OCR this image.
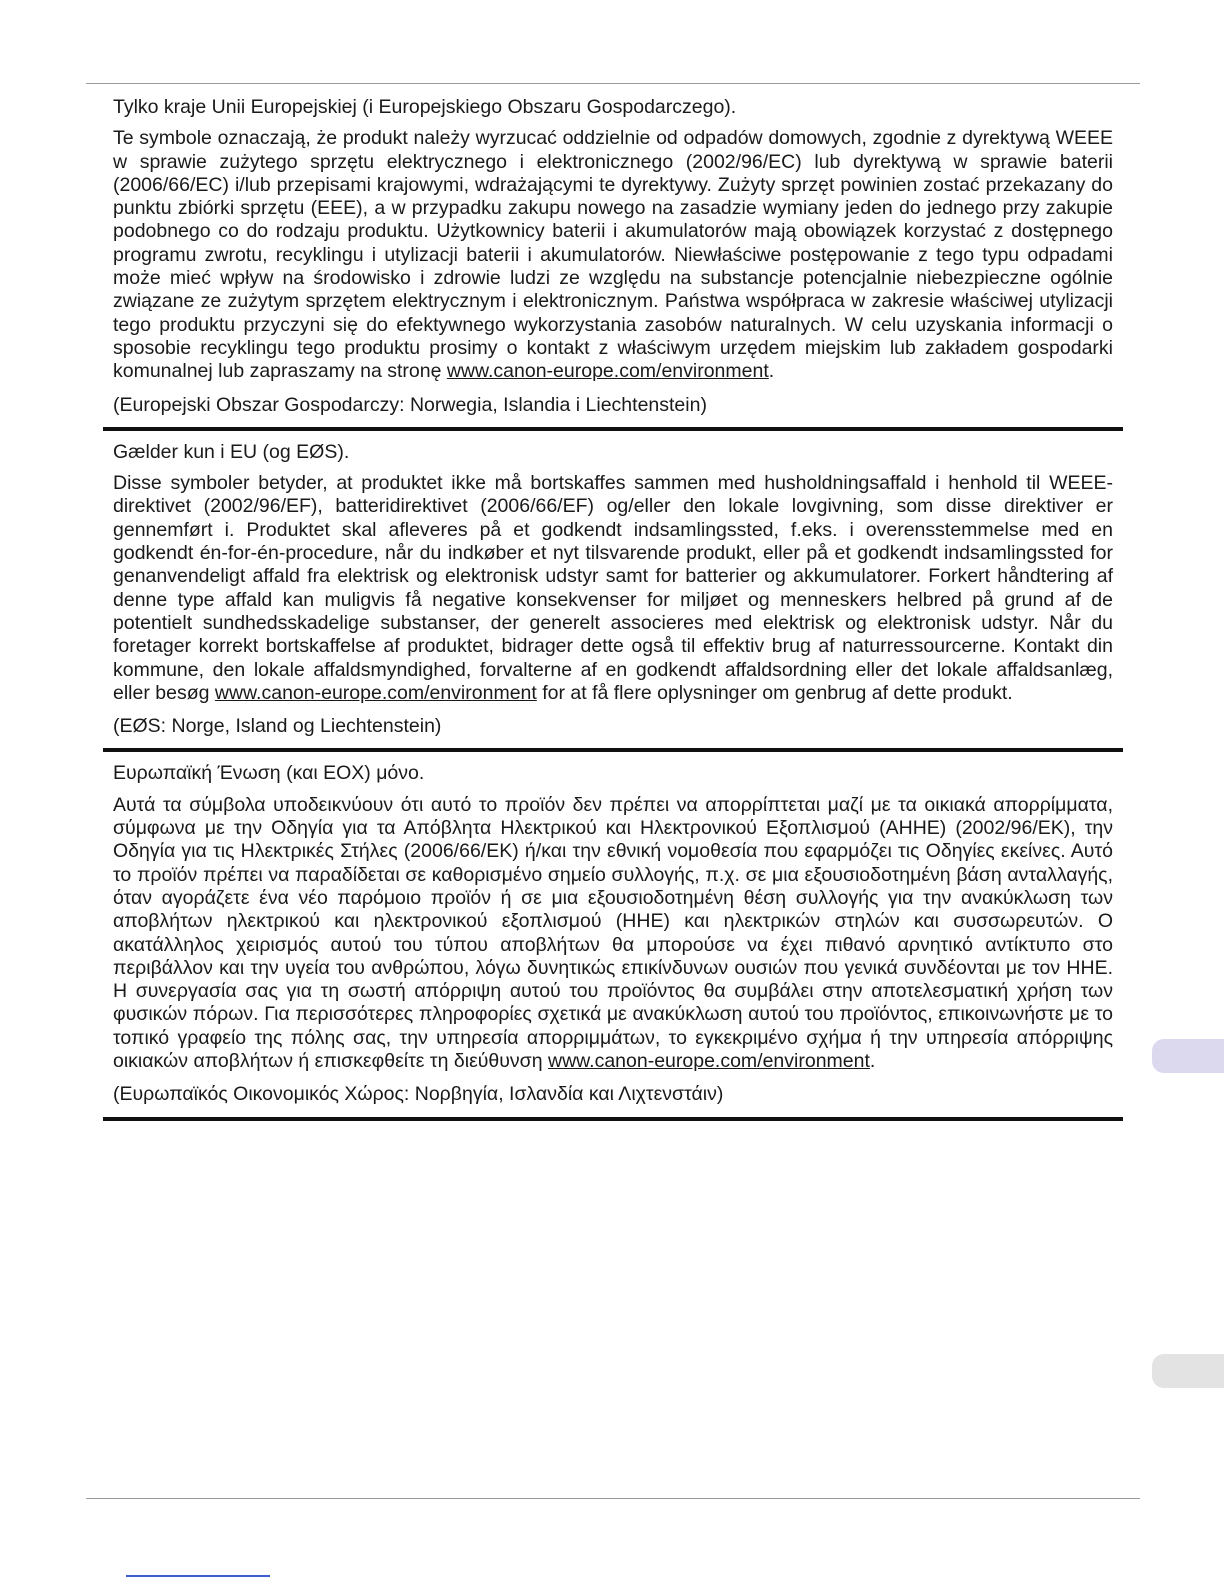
Tylko kraje Unii Europejskiej (i Europejskiego Obszaru Gospodarczego).

Te symbole oznaczają, że produkt należy wyrzucać oddzielnie od odpadów domowych, zgodnie z dyrektywą WEEE w sprawie zużytego sprzętu elektrycznego i elektronicznego (2002/96/EC) lub dyrektywą w sprawie baterii (2006/66/EC) i/lub przepisami krajowymi, wdrażającymi te dyrektywy. Zużyty sprzęt powinien zostać przekazany do punktu zbiórki sprzętu (EEE), a w przypadku zakupu nowego na zasadzie wymiany jeden do jednego przy zakupie podobnego co do rodzaju produktu. Użytkownicy baterii i akumulatorów mają obowiązek korzystać z dostępnego programu zwrotu, recyklingu i utylizacji baterii i akumulatorów. Niewłaściwe postępowanie z tego typu odpadami może mieć wpływ na środowisko i zdrowie ludzi ze względu na substancje potencjalnie niebezpieczne ogólnie związane ze zużytym sprzętem elektrycznym i elektronicznym. Państwa współpraca w zakresie właściwej utylizacji tego produktu przyczyni się do efektywnego wykorzystania zasobów naturalnych. W celu uzyskania informacji o sposobie recyklingu tego produktu prosimy o kontakt z właściwym urzędem miejskim lub zakładem gospodarki komunalnej lub zapraszamy na stronę www.canon-europe.com/environment.

(Europejski Obszar Gospodarczy: Norwegia, Islandia i Liechtenstein)

Gælder kun i EU (og EØS).

Disse symboler betyder, at produktet ikke må bortskaffes sammen med husholdningsaffald i henhold til WEEE-direktivet (2002/96/EF), batteridirektivet (2006/66/EF) og/eller den lokale lovgivning, som disse direktiver er gennemført i. Produktet skal afleveres på et godkendt indsamlingssted, f.eks. i overensstemmelse med en godkendt én-for-én-procedure, når du indkøber et nyt tilsvarende produkt, eller på et godkendt indsamlingssted for genanvendeligt affald fra elektrisk og elektronisk udstyr samt for batterier og akkumulatorer. Forkert håndtering af denne type affald kan muligvis få negative konsekvenser for miljøet og menneskers helbred på grund af de potentielt sundhedsskadelige substanser, der generelt associeres med elektrisk og elektronisk udstyr. Når du foretager korrekt bortskaffelse af produktet, bidrager dette også til effektiv brug af naturressourcerne. Kontakt din kommune, den lokale affaldsmyndighed, forvalterne af en godkendt affaldsordning eller det lokale affaldsanlæg, eller besøg www.canon-europe.com/environment for at få flere oplysninger om genbrug af dette produkt.

(EØS: Norge, Island og Liechtenstein)

Ευρωπαϊκή Ένωση (και ΕΟΧ) μόνο.

Αυτά τα σύμβολα υποδεικνύουν ότι αυτό το προϊόν δεν πρέπει να απορρίπτεται μαζί με τα οικιακά απορρίμματα, σύμφωνα με την Οδηγία για τα Απόβλητα Ηλεκτρικού και Ηλεκτρονικού Εξοπλισμού (ΑΗΗΕ) (2002/96/ΕΚ), την Οδηγία για τις Ηλεκτρικές Στήλες (2006/66/ΕΚ) ή/και την εθνική νομοθεσία που εφαρμόζει τις Οδηγίες εκείνες. Αυτό το προϊόν πρέπει να παραδίδεται σε καθορισμένο σημείο συλλογής, π.χ. σε μια εξουσιοδοτημένη βάση ανταλλαγής, όταν αγοράζετε ένα νέο παρόμοιο προϊόν ή σε μια εξουσιοδοτημένη θέση συλλογής για την ανακύκλωση των αποβλήτων ηλεκτρικού και ηλεκτρονικού εξοπλισμού (ΗΗΕ) και ηλεκτρικών στηλών και συσσωρευτών. Ο ακατάλληλος χειρισμός αυτού του τύπου αποβλήτων θα μπορούσε να έχει πιθανό αρνητικό αντίκτυπο στο περιβάλλον και την υγεία του ανθρώπου, λόγω δυνητικώς επικίνδυνων ουσιών που γενικά συνδέονται με τον ΗΗΕ. Η συνεργασία σας για τη σωστή απόρριψη αυτού του προϊόντος θα συμβάλει στην αποτελεσματική χρήση των φυσικών πόρων. Για περισσότερες πληροφορίες σχετικά με ανακύκλωση αυτού του προϊόντος, επικοινωνήστε με το τοπικό γραφείο της πόλης σας, την υπηρεσία απορριμμάτων, το εγκεκριμένο σχήμα ή την υπηρεσία απόρριψης οικιακών αποβλήτων ή επισκεφθείτε τη διεύθυνση www.canon-europe.com/environment.

(Ευρωπαϊκός Οικονομικός Χώρος: Νορβηγία, Ισλανδία και Λιχτενστάιν)
